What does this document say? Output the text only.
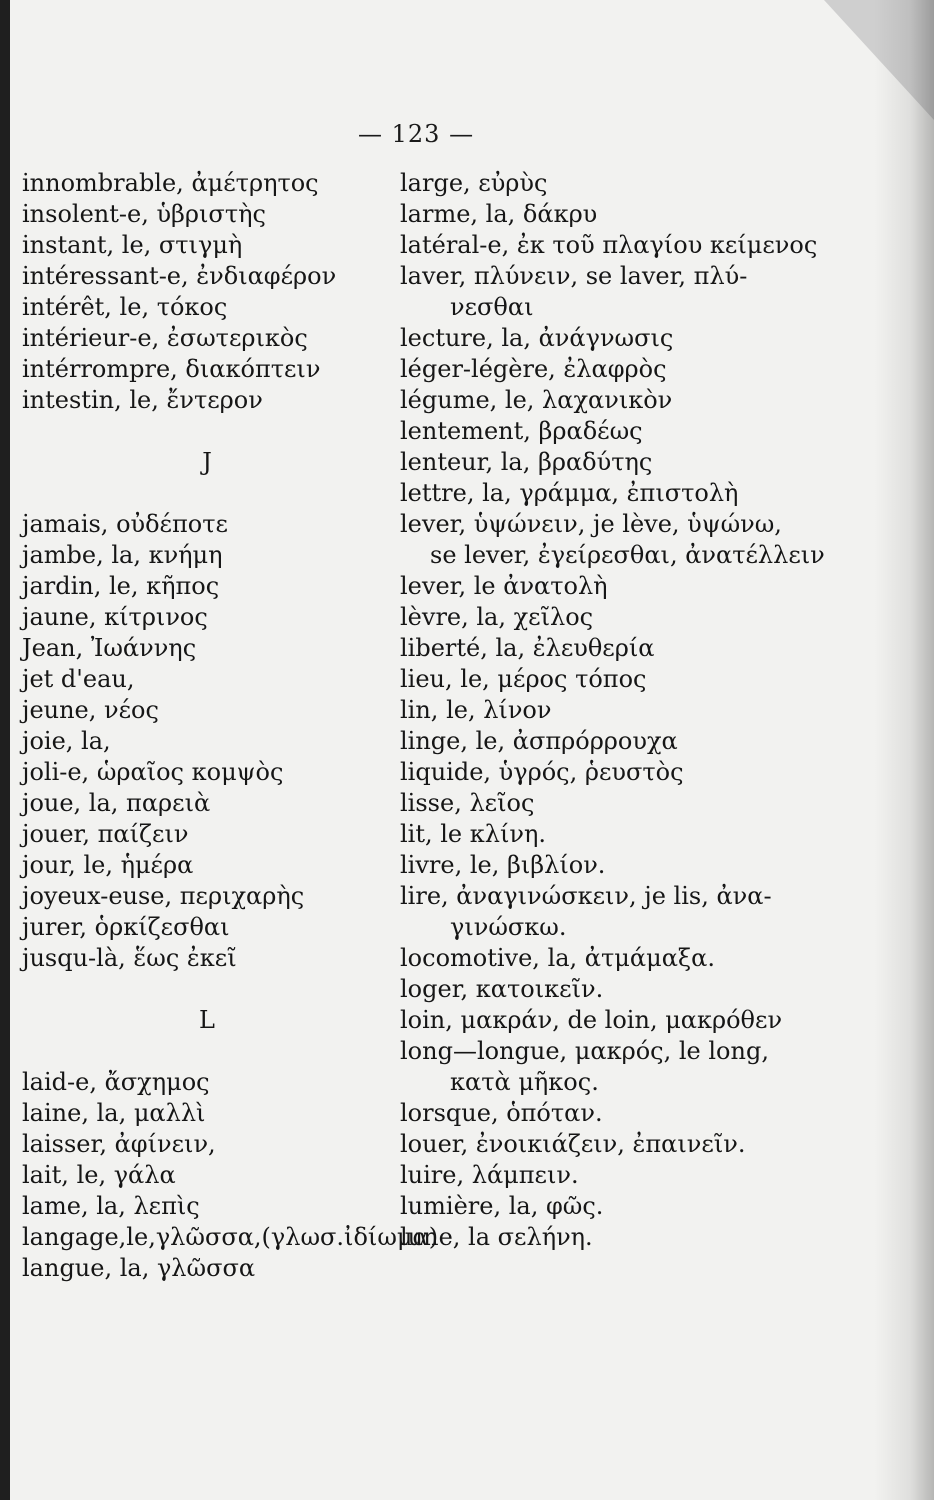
— 123 —
innombrable, ἀμέτρητος
insolent-e, ὑβριστὴς
instant, le, στιγμὴ
intéressant-e, ἐνδιαφέρον
intérêt, le, τόκος
intérieur-e, ἐσωτερικὸς
intérrompre, διακόπτειν
intestin, le, ἔντερον
J
jamais, οὐδέποτε
jambe, la, κνήμη
jardin, le, κῆπος
jaune, κίτρινος
Jean, Ἰωάννης
jet d'eau,
jeune, νέος
joie, la,
joli-e, ὡραῖος κομψὸς
joue, la, παρειὰ
jouer, παίζειν
jour, le, ἡμέρα
joyeux-euse, περιχαρὴς
jurer, ὁρκίζεσθαι
jusqu-là, ἕως ἐκεῖ
L
laid-e, ἄσχημος
laine, la, μαλλὶ
laisser, ἀφίνειν,
lait, le, γάλα
lame, la, λεπὶς
langage,le,γλῶσσα,(γλωσ.ἰδίωμα)
langue, la, γλῶσσα
large, εὐρὺς
larme, la, δάκρυ
latéral-e, ἐκ τοῦ πλαγίου κείμενος
laver, πλύνειν, se laver, πλύ-
νεσθαι
lecture, la, ἀνάγνωσις
léger-légère, ἐλαφρὸς
légume, le, λαχανικὸν
lentement, βραδέως
lenteur, la, βραδύτης
lettre, la, γράμμα, ἐπιστολὴ
lever, ὑψώνειν, je lève, ὑψώνω,
se lever, ἐγείρεσθαι, ἀνατέλλειν
lever, le ἀνατολὴ
lèvre, la, χεῖλος
liberté, la, ἐλευθερία
lieu, le, μέρος τόπος
lin, le, λίνον
linge, le, ἀσπρόρρουχα
liquide, ὑγρός, ῥευστὸς
lisse, λεῖος
lit, le κλίνη.
livre, le, βιβλίον.
lire, ἀναγινώσκειν, je lis, ἀνα-
γινώσκω.
locomotive, la, ἀτμάμαξα.
loger, κατοικεῖν.
loin, μακράν, de loin, μακρόθεν
long—longue, μακρός, le long,
κατὰ μῆκος.
lorsque, ὁπόταν.
louer, ἐνοικιάζειν, ἐπαινεῖν.
luire, λάμπειν.
lumière, la, φῶς.
lune, la σελήνη.
